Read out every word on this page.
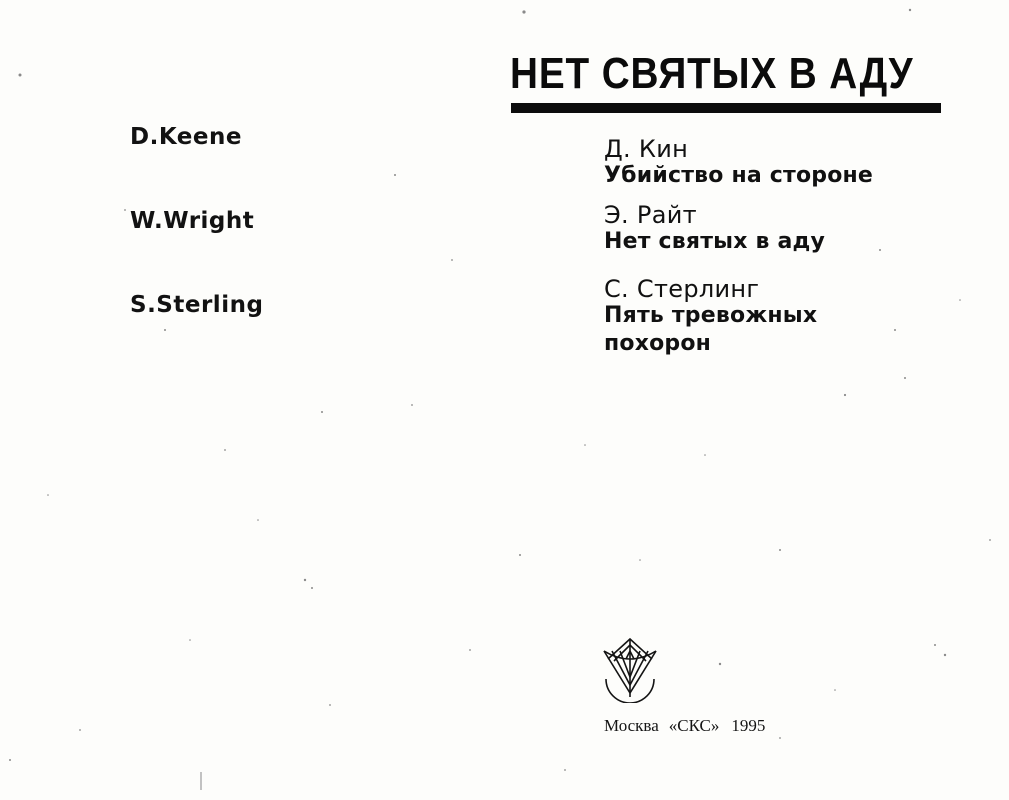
D.Keene
W.Wright
S.Sterling
НЕТ СВЯТЫХ В АДУ
Д. Кин
Убийство на стороне
Э. Райт
Нет святых в аду
С. Стерлинг
Пять тревожных похорон
Москва «СКС» 1995
